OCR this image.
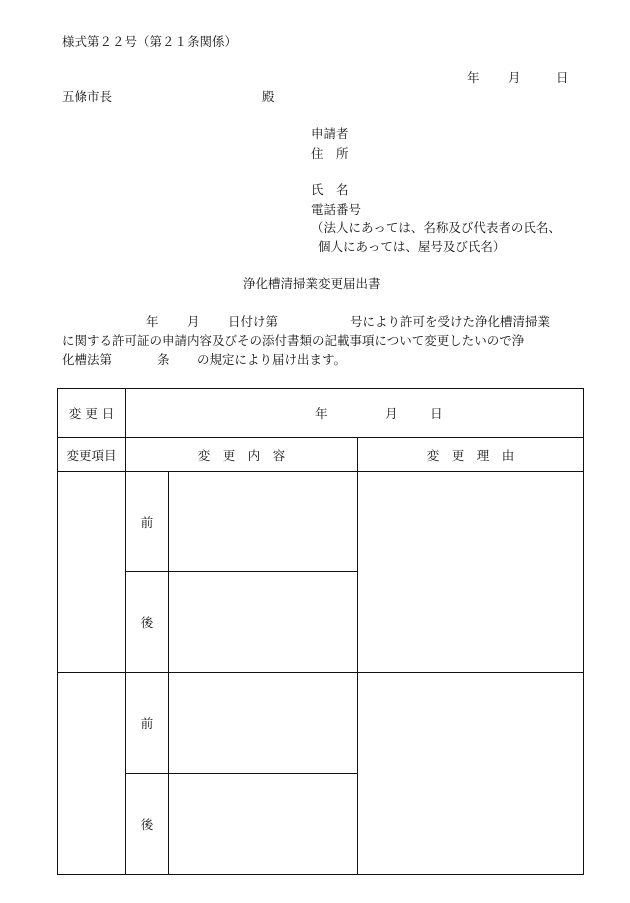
様式第２２号（第２１条関係）
年 月	日
五條市長	殿
申請者
住　所
氏　名
電話番号
（法人にあっては、名称及び代表者の氏名、
個人にあっては、屋号及び氏名）
浄化槽清掃業変更届出書
年 月 日付け第	号により許可を受けた浄化槽清掃業
に関する許可証の申請内容及びその添付書類の記載事項について変更したいので浄
化槽法第	条 の規定により届け出ます。
変 更 日	年 月 日		

変更項目	変　更　内　容		変　更　理　由
	前		
	後		
	前		
	後		
